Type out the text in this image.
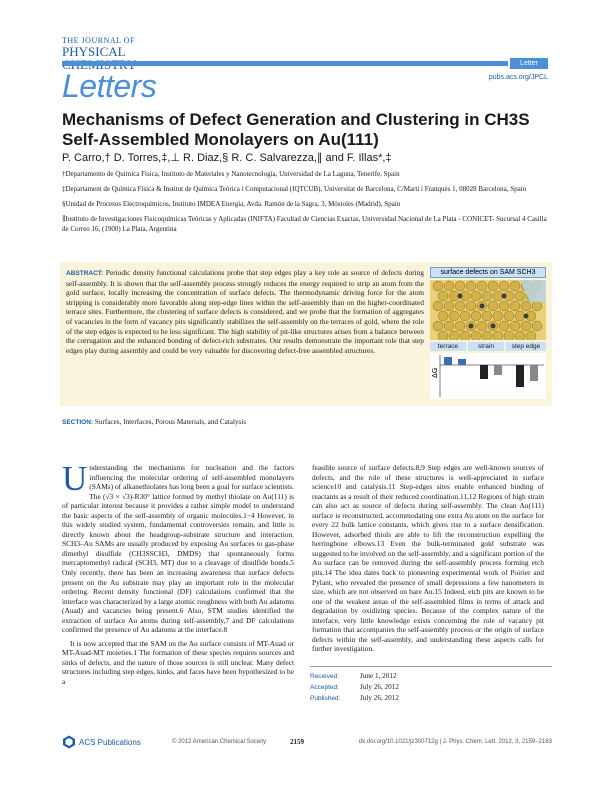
THE JOURNAL OF
PHYSICAL
Letters
Letter
pubs.acs.org/JPCL
Mechanisms of Defect Generation and Clustering in CH3S Self-Assembled Monolayers on Au(111)
P. Carro,† D. Torres,‡,⊥ R. Diaz,§ R. C. Salvarezza,∥ and F. Illas*,‡
†Departamento de Química Física, Instituto de Materiales y Nanotecnología, Universidad de La Laguna, Tenerife, Spain
‡Departament de Química Física & Institut de Química Teòrica i Computacional (IQTCUB), Universitat de Barcelona, C/Martí i Franquès 1, 08028 Barcelona, Spain
§Unidad de Procesos Electroquímicos, Instituto IMDEA Energía, Avda. Ramón de la Sagra, 3, Móstoles (Madrid), Spain
∥Instituto de Investigaciones Fisicoquímicas Teóricas y Aplicadas (INIFTA) Facultad de Ciencias Exactas, Universidad Nacional de La Plata - CONICET- Sucursal 4 Casilla de Correo 16, (1900) La Plata, Argentina
ABSTRACT: Periodic density functional calculations probe that step edges play a key role as source of defects during self-assembly. It is shown that the self-assembly process strongly reduces the energy required to strip an atom from the gold surface, locally increasing the concentration of surface defects. The thermodynamic driving force for the atom stripping is considerably more favorable along step-edge lines within the self-assembly than on the higher-coordinated terrace sites. Furthermore, the clustering of surface defects is considered, and we probe that the formation of aggregates of vacancies in the form of vacancy pits significantly stabilizes the self-assembly on the terraces of gold, where the role of the step edges is expected to be less significant. The high stability of pit-like structures arises from a balance between the corrugation and the enhanced bonding of defect-rich substrates. Our results demonstrate the important role that step edges play during assembly and could be very valuable for discovering defect-free assembled structures.
surface defects on SAM SCH3
terrace	strain	step edge
ΔG
SECTION: Surfaces, Interfaces, Porous Materials, and Catalysis

Understanding the mechanisms for nucleation and the factors influencing the molecular ordering of self-assembled monolayers (SAMs) of alkanethiolates has long been a goal for surface scientists. The (√3 × √3)-R30° lattice formed by methyl thiolate on Au(111) is of particular interest because it provides a rather simple model to understand the basic aspects of the self-assembly of organic molecules.1−4 However, in this widely studied system, fundamental controversies remain, and little is directly known about the headgroup-substrate structure and interaction. SCH3–Au SAMs are usually produced by exposing Au surfaces to gas-phase dimethyl disulfide (CH3SSCH3, DMDS) that spontaneously forms mercaptomethyl radical (SCH3, MT) due to a cleavage of disulfide bonds.5 Only recently, there has been an increasing awareness that surface defects present on the Au substrate may play an important role in the molecular ordering. Recent density functional (DF) calculations confirmed that the interface was characterized by a large atomic roughness with both Au adatoms (Auad) and vacancies being present.6 Also, STM studies identified the extraction of surface Au atoms during self-assembly,7 and DF calculations confirmed the presence of Au adatoms at the interface.8

It is now accepted that the SAM on the Au surface consists of MT-Auad or MT-Auad-MT moieties.1 The formation of these species requires sources and sinks of defects, and the nature of those sources is still unclear. Many defect structures including step edges, kinks, and faces have been hypothesized to be a

feasible source of surface defects.8,9 Step edges are well-known sources of defects, and the role of these structures is well-appreciated in surface science10 and catalysis.11 Step-edges sites enable enhanced binding of reactants as a result of their reduced coordination.11,12 Regions of high strain can also act as source of defects during self-assembly. The clean Au(111) surface is reconstructed, accommodating one extra Au atom on the surface for every 22 bulk lattice constants, which gives rise to a surface densification. However, adsorbed thiols are able to lift the reconstruction expelling the herringbone elbows.13 Even the bulk-terminated gold substrate was suggested to be involved on the self-assembly, and a significant portion of the Au surface can be removed during the self-assembly process forming etch pits.14 The idea dates back to pioneering experimental work of Poirier and Pylant, who revealed the presence of small depressions a few nanometers in size, which are not observed on bare Au.15 Indeed, etch pits are known to be one of the weakest areas of the self-assembled films in terms of attack and degradation by oxidizing species. Because of the complex nature of the interface, very little knowledge exists concerning the role of vacancy pit formation that accompanies the self-assembly process or the origin of surface defects within the self-assembly, and understanding these aspects calls for further investigation.

Received:	June 1, 2012
Accepted:	July 26, 2012
Published:	July 26, 2012
ACS Publications	© 2012 American Chemical Society	2159	dx.doi.org/10.1021/jz300712g | J. Phys. Chem. Lett. 2012, 3, 2159−2163
